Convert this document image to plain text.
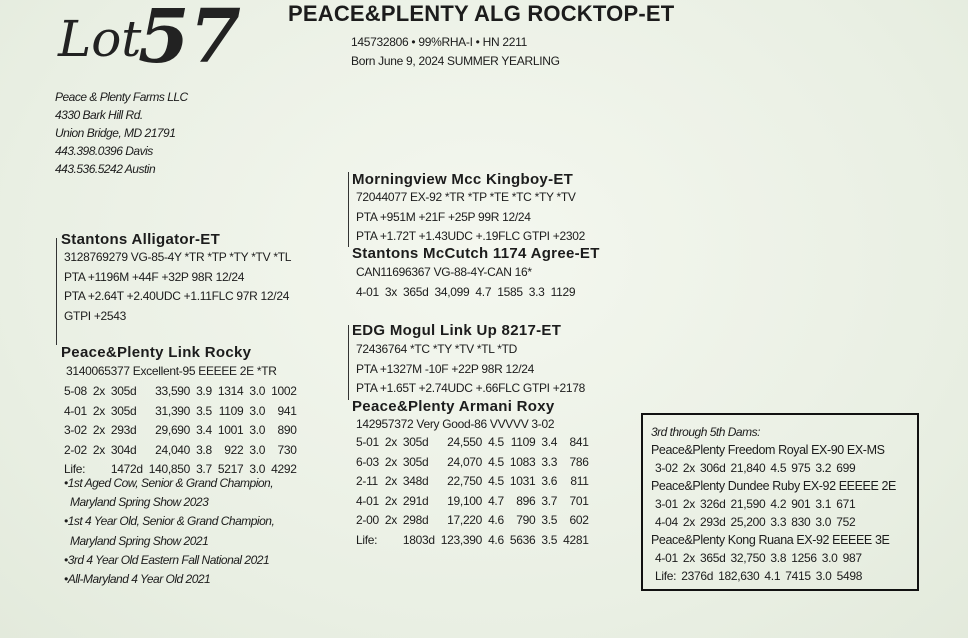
Lot
57 PEACE&PLENTY ALG ROCKTOP-ET
145732806 • 99%RHA-I • HN 2211
Born June 9, 2024 SUMMER YEARLING
Peace & Plenty Farms LLC
4330 Bark Hill Rd.
Union Bridge, MD 21791
443.398.0396 Davis
443.536.5242 Austin
Stantons Alligator-ET
3128769279 VG-85-4Y *TR *TP *TY *TV *TL
PTA +1196M +44F +32P 98R 12/24
PTA +2.64T +2.40UDC +1.11FLC 97R 12/24
GTPI +2543
Morningview Mcc Kingboy-ET
72044077 EX-92 *TR *TP *TE *TC *TY *TV
PTA +951M +21F +25P 99R 12/24
PTA +1.72T +1.43UDC +.19FLC GTPI +2302
Stantons McCutch 1174 Agree-ET
CAN11696367 VG-88-4Y-CAN 16*
4-01 3x 365d 34,099 4.7 1585 3.3 1129
Peace&Plenty Link Rocky
3140065377 Excellent-95 EEEEE 2E *TR
5-08	2x	305d	33,590	3.9	1314	3.0	1002
4-01	2x	305d	31,390	3.5	1109	3.0	941
3-02	2x	293d	29,690	3.4	1001	3.0	890
2-02	2x	304d	24,040	3.8	922	3.0	730
Life:		1472d	140,850	3.7	5217	3.0	4292
•1st Aged Cow, Senior & Grand Champion,
Maryland Spring Show 2023
•1st 4 Year Old, Senior & Grand Champion,
Maryland Spring Show 2021
•3rd 4 Year Old Eastern Fall National 2021
•All-Maryland 4 Year Old 2021
EDG Mogul Link Up 8217-ET
72436764 *TC *TY *TV *TL *TD
PTA +1327M -10F +22P 98R 12/24
PTA +1.65T +2.74UDC +.66FLC GTPI +2178
Peace&Plenty Armani Roxy
142957372 Very Good-86 VVVVV 3-02
5-01	2x	305d	24,550	4.5	1109	3.4	841
6-03	2x	305d	24,070	4.5	1083	3.3	786
2-11	2x	348d	22,750	4.5	1031	3.6	811
4-01	2x	291d	19,100	4.7	896	3.7	701
2-00	2x	298d	17,220	4.6	790	3.5	602
Life:		1803d	123,390	4.6	5636	3.5	4281
3rd through 5th Dams:
Peace&Plenty Freedom Royal EX-90 EX-MS
3-02 2x 306d 21,840 4.5 975 3.2 699
Peace&Plenty Dundee Ruby EX-92 EEEEE 2E
3-01 2x 326d 21,590 4.2 901 3.1 671
4-04 2x 293d 25,200 3.3 830 3.0 752
Peace&Plenty Kong Ruana EX-92 EEEEE 3E
4-01 2x 365d 32,750 3.8 1256 3.0 987
Life: 2376d 182,630 4.1 7415 3.0 5498
